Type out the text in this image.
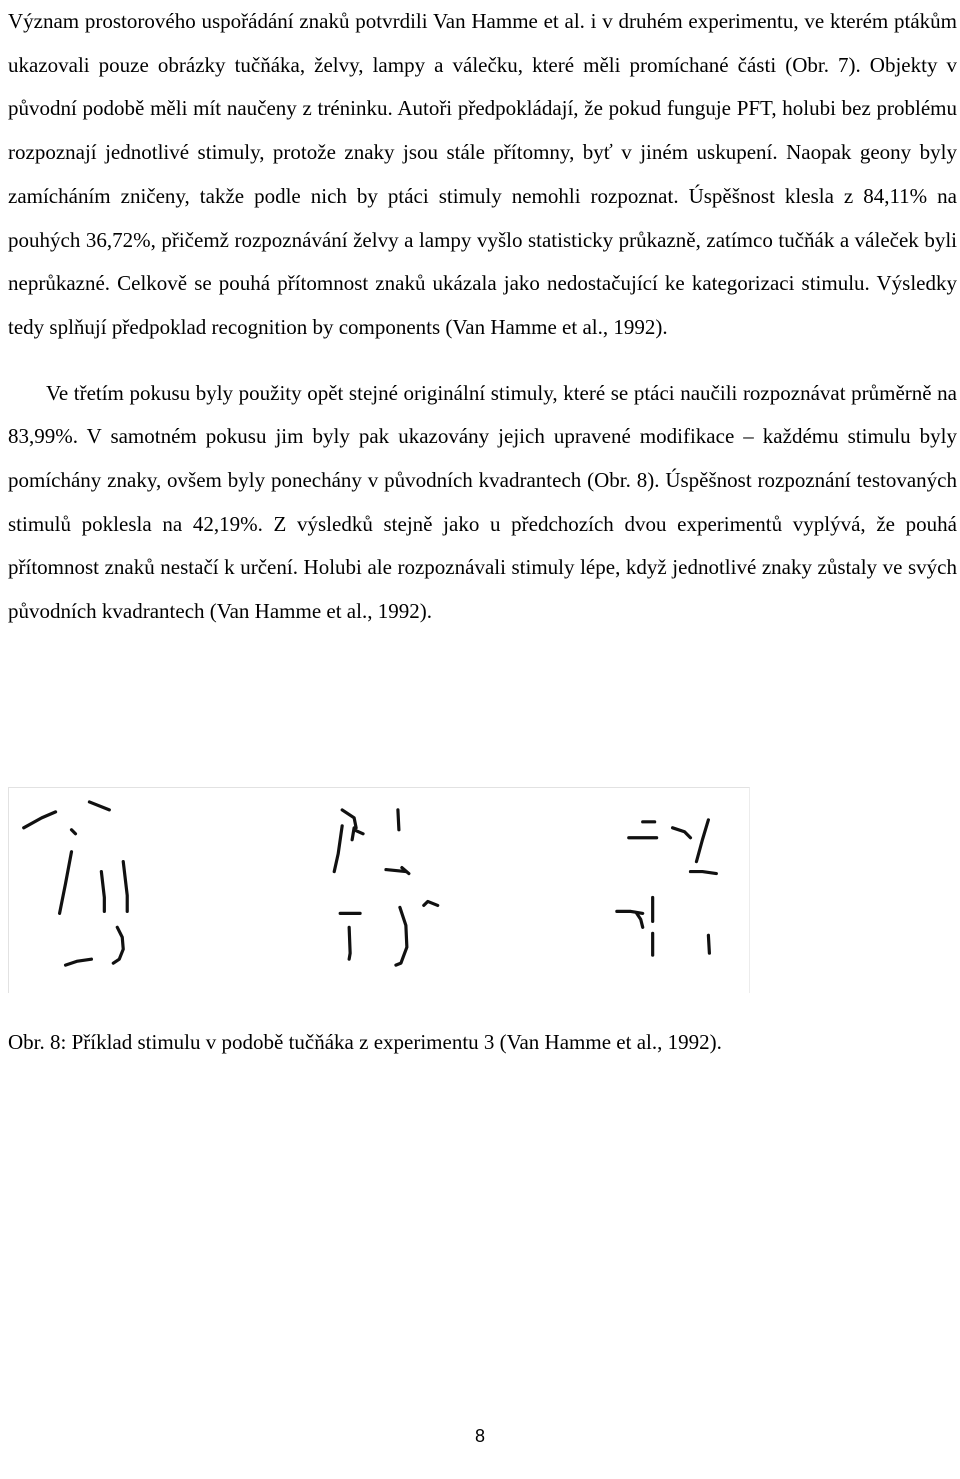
Význam prostorového uspořádání znaků potvrdili Van Hamme et al. i v druhém experimentu, ve kterém ptákům ukazovali pouze obrázky tučňáka, želvy, lampy a válečku, které měli promíchané části (Obr. 7). Objekty v původní podobě měli mít naučeny z tréninku. Autoři předpokládají, že pokud funguje PFT, holubi bez problému rozpoznají jednotlivé stimuly, protože znaky jsou stále přítomny, byť v jiném uskupení. Naopak geony byly zamícháním zničeny, takže podle nich by ptáci stimuly nemohli rozpoznat. Úspěšnost klesla z 84,11% na pouhých 36,72%, přičemž rozpoznávání želvy a lampy vyšlo statisticky průkazně, zatímco tučňák a váleček byli neprůkazné. Celkově se pouhá přítomnost znaků ukázala jako nedostačující ke kategorizaci stimulu. Výsledky tedy splňují předpoklad recognition by components (Van Hamme et al., 1992).

Ve třetím pokusu byly použity opět stejné originální stimuly, které se ptáci naučili rozpoznávat průměrně na 83,99%. V samotném pokusu jim byly pak ukazovány jejich upravené modifikace – každému stimulu byly pomíchány znaky, ovšem byly ponechány v původních kvadrantech (Obr. 8). Úspěšnost rozpoznání testovaných stimulů poklesla na 42,19%. Z výsledků stejně jako u předchozích dvou experimentů vyplývá, že pouhá přítomnost znaků nestačí k určení. Holubi ale rozpoznávali stimuly lépe, když jednotlivé znaky zůstaly ve svých původních kvadrantech (Van Hamme et al., 1992).

Obr. 8: Příklad stimulu v podobě tučňáka z experimentu 3 (Van Hamme et al., 1992).

8
